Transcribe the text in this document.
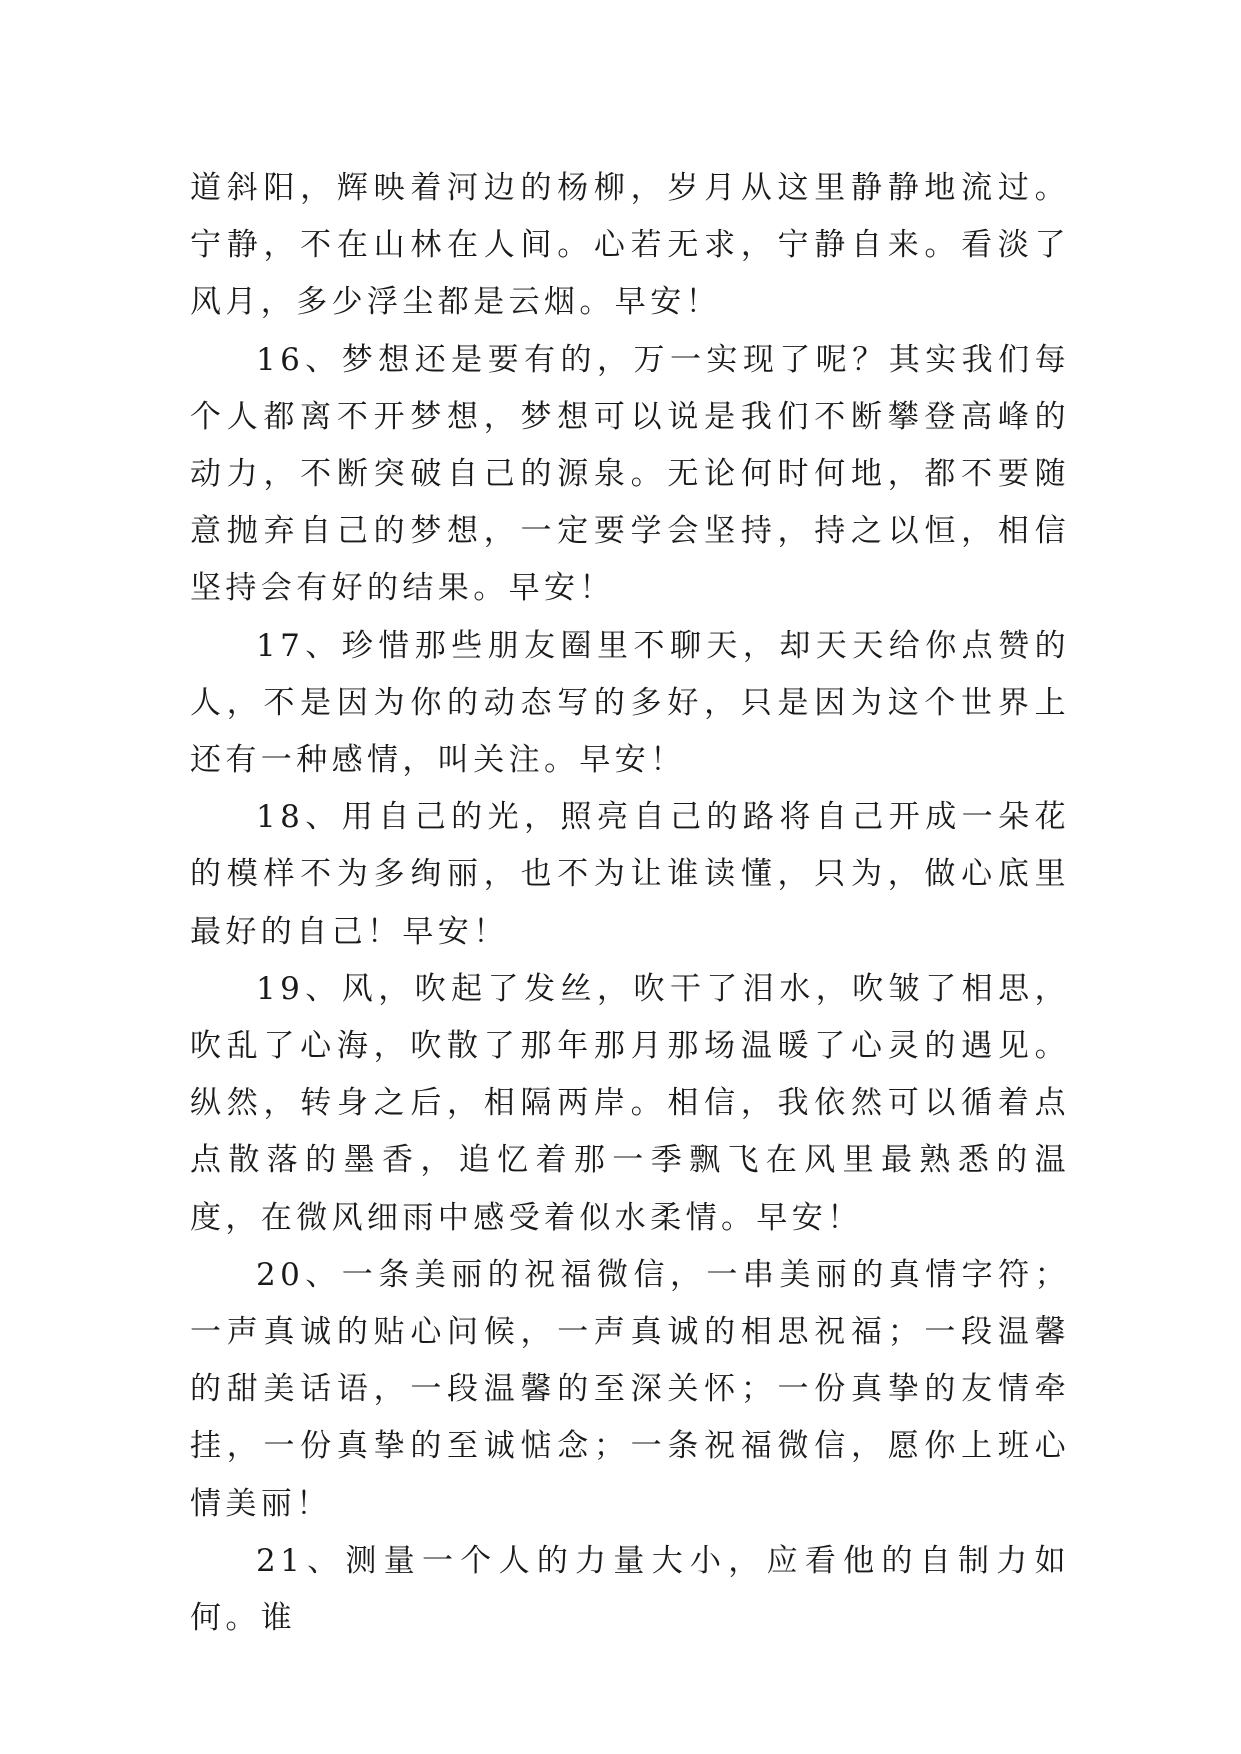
道斜阳，辉映着河边的杨柳，岁月从这里静静地流过。宁静，不在山林在人间。心若无求，宁静自来。看淡了风月，多少浮尘都是云烟。早安！

16、梦想还是要有的，万一实现了呢？其实我们每个人都离不开梦想，梦想可以说是我们不断攀登高峰的动力，不断突破自己的源泉。无论何时何地，都不要随意抛弃自己的梦想，一定要学会坚持，持之以恒，相信坚持会有好的结果。早安！

17、珍惜那些朋友圈里不聊天，却天天给你点赞的人，不是因为你的动态写的多好，只是因为这个世界上还有一种感情，叫关注。早安！

18、用自己的光，照亮自己的路将自己开成一朵花的模样不为多绚丽，也不为让谁读懂，只为，做心底里最好的自己！早安！

19、风，吹起了发丝，吹干了泪水，吹皱了相思，吹乱了心海，吹散了那年那月那场温暖了心灵的遇见。纵然，转身之后，相隔两岸。相信，我依然可以循着点点散落的墨香，追忆着那一季飘飞在风里最熟悉的温度，在微风细雨中感受着似水柔情。早安！

20、一条美丽的祝福微信，一串美丽的真情字符；一声真诚的贴心问候，一声真诚的相思祝福；一段温馨的甜美话语，一段温馨的至深关怀；一份真挚的友情牵挂，一份真挚的至诚惦念；一条祝福微信，愿你上班心情美丽！

21、测量一个人的力量大小，应看他的自制力如何。谁
